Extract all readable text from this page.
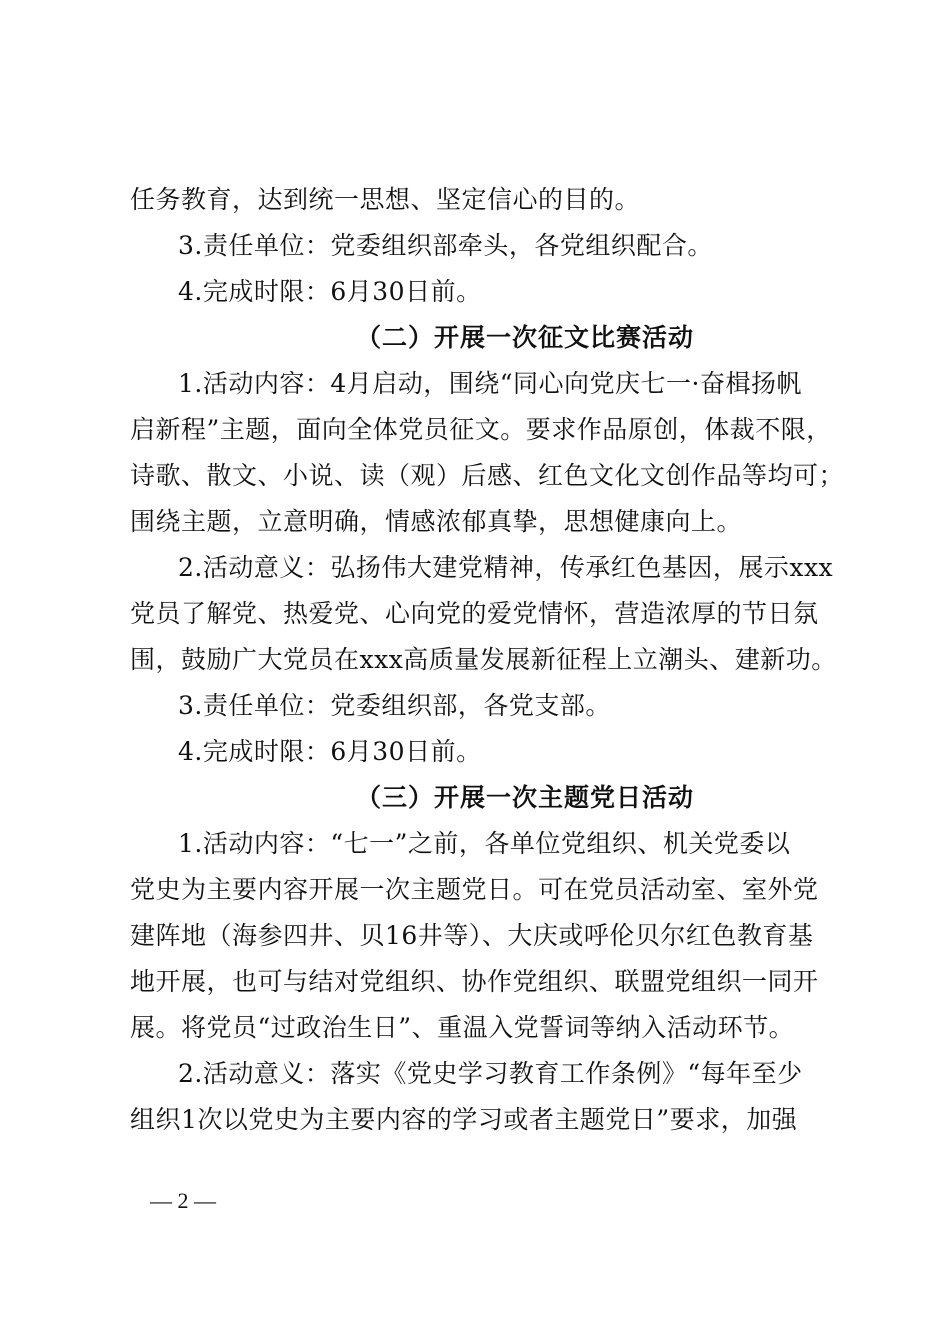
任务教育，达到统一思想、坚定信心的目的。
3.责任单位：党委组织部牵头，各党组织配合。
4.完成时限：6月30日前。
（二）开展一次征文比赛活动
1.活动内容：4月启动，围绕“同心向党庆七一·奋楫扬帆
启新程”主题，面向全体党员征文。要求作品原创，体裁不限，
诗歌、散文、小说、读（观）后感、红色文化文创作品等均可；
围绕主题，立意明确，情感浓郁真挚，思想健康向上。
2.活动意义：弘扬伟大建党精神，传承红色基因，展示xxx
党员了解党、热爱党、心向党的爱党情怀，营造浓厚的节日氛
围，鼓励广大党员在xxx高质量发展新征程上立潮头、建新功。
3.责任单位：党委组织部，各党支部。
4.完成时限：6月30日前。
（三）开展一次主题党日活动
1.活动内容：“七一”之前，各单位党组织、机关党委以
党史为主要内容开展一次主题党日。可在党员活动室、室外党
建阵地（海参四井、贝16井等）、大庆或呼伦贝尔红色教育基
地开展，也可与结对党组织、协作党组织、联盟党组织一同开
展。将党员“过政治生日”、重温入党誓词等纳入活动环节。
2.活动意义：落实《党史学习教育工作条例》“每年至少
组织1次以党史为主要内容的学习或者主题党日”要求，加强
— 2 —
